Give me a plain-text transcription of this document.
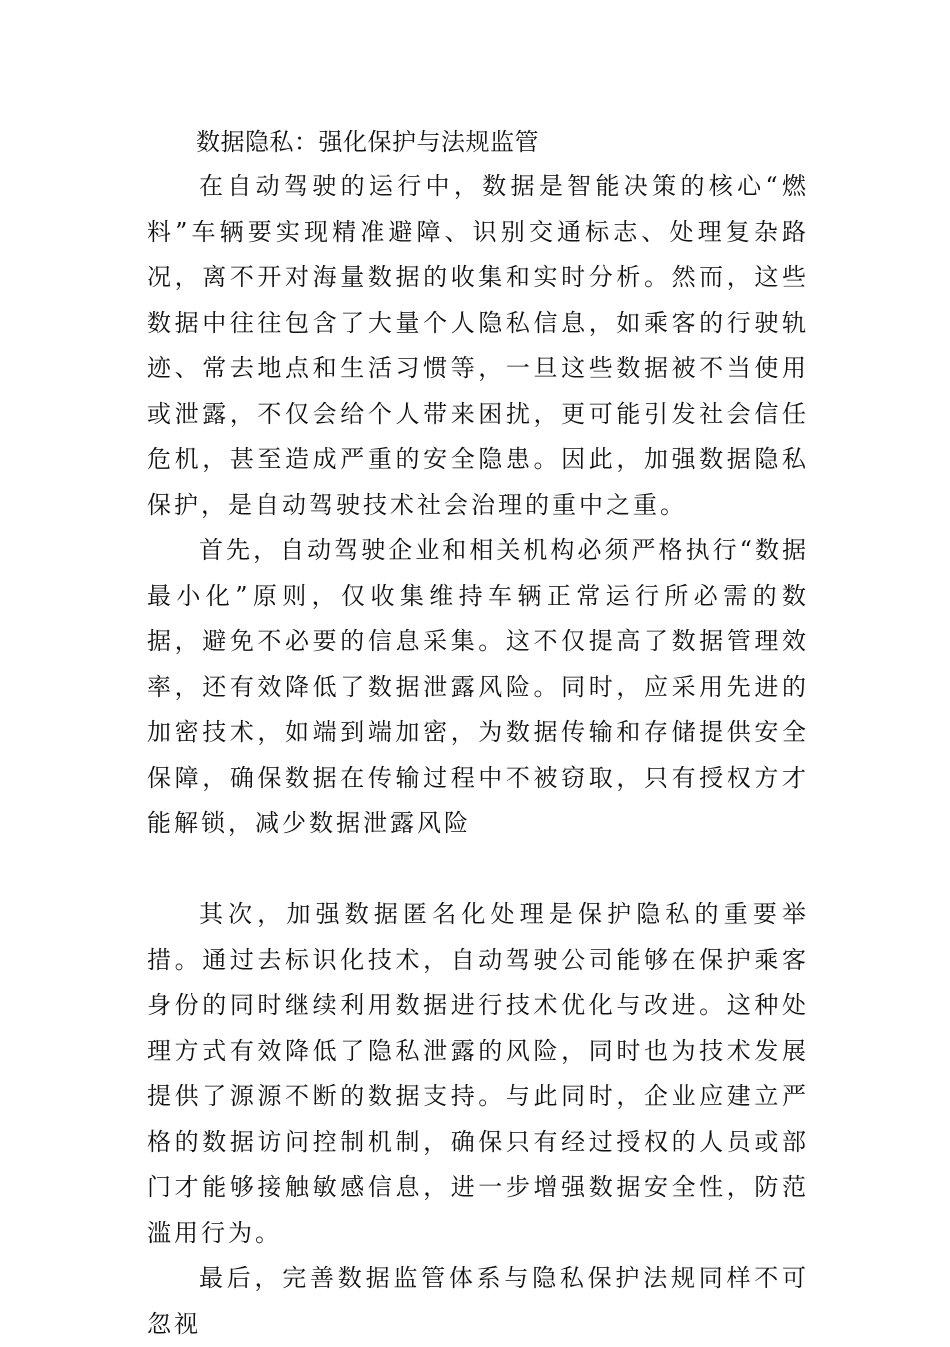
数据隐私：强化保护与法规监管

在自动驾驶的运行中，数据是智能决策的核心“燃料”车辆要实现精准避障、识别交通标志、处理复杂路况，离不开对海量数据的收集和实时分析。然而，这些数据中往往包含了大量个人隐私信息，如乘客的行驶轨迹、常去地点和生活习惯等，一旦这些数据被不当使用或泄露，不仅会给个人带来困扰，更可能引发社会信任危机，甚至造成严重的安全隐患。因此，加强数据隐私保护，是自动驾驶技术社会治理的重中之重。

首先，自动驾驶企业和相关机构必须严格执行“数据最小化”原则，仅收集维持车辆正常运行所必需的数据，避免不必要的信息采集。这不仅提高了数据管理效率，还有效降低了数据泄露风险。同时，应采用先进的加密技术，如端到端加密，为数据传输和存储提供安全保障，确保数据在传输过程中不被窃取，只有授权方才能解锁，减少数据泄露风险

其次，加强数据匿名化处理是保护隐私的重要举措。通过去标识化技术，自动驾驶公司能够在保护乘客身份的同时继续利用数据进行技术优化与改进。这种处理方式有效降低了隐私泄露的风险，同时也为技术发展提供了源源不断的数据支持。与此同时，企业应建立严格的数据访问控制机制，确保只有经过授权的人员或部门才能够接触敏感信息，进一步增强数据安全性，防范滥用行为。

最后，完善数据监管体系与隐私保护法规同样不可忽视
